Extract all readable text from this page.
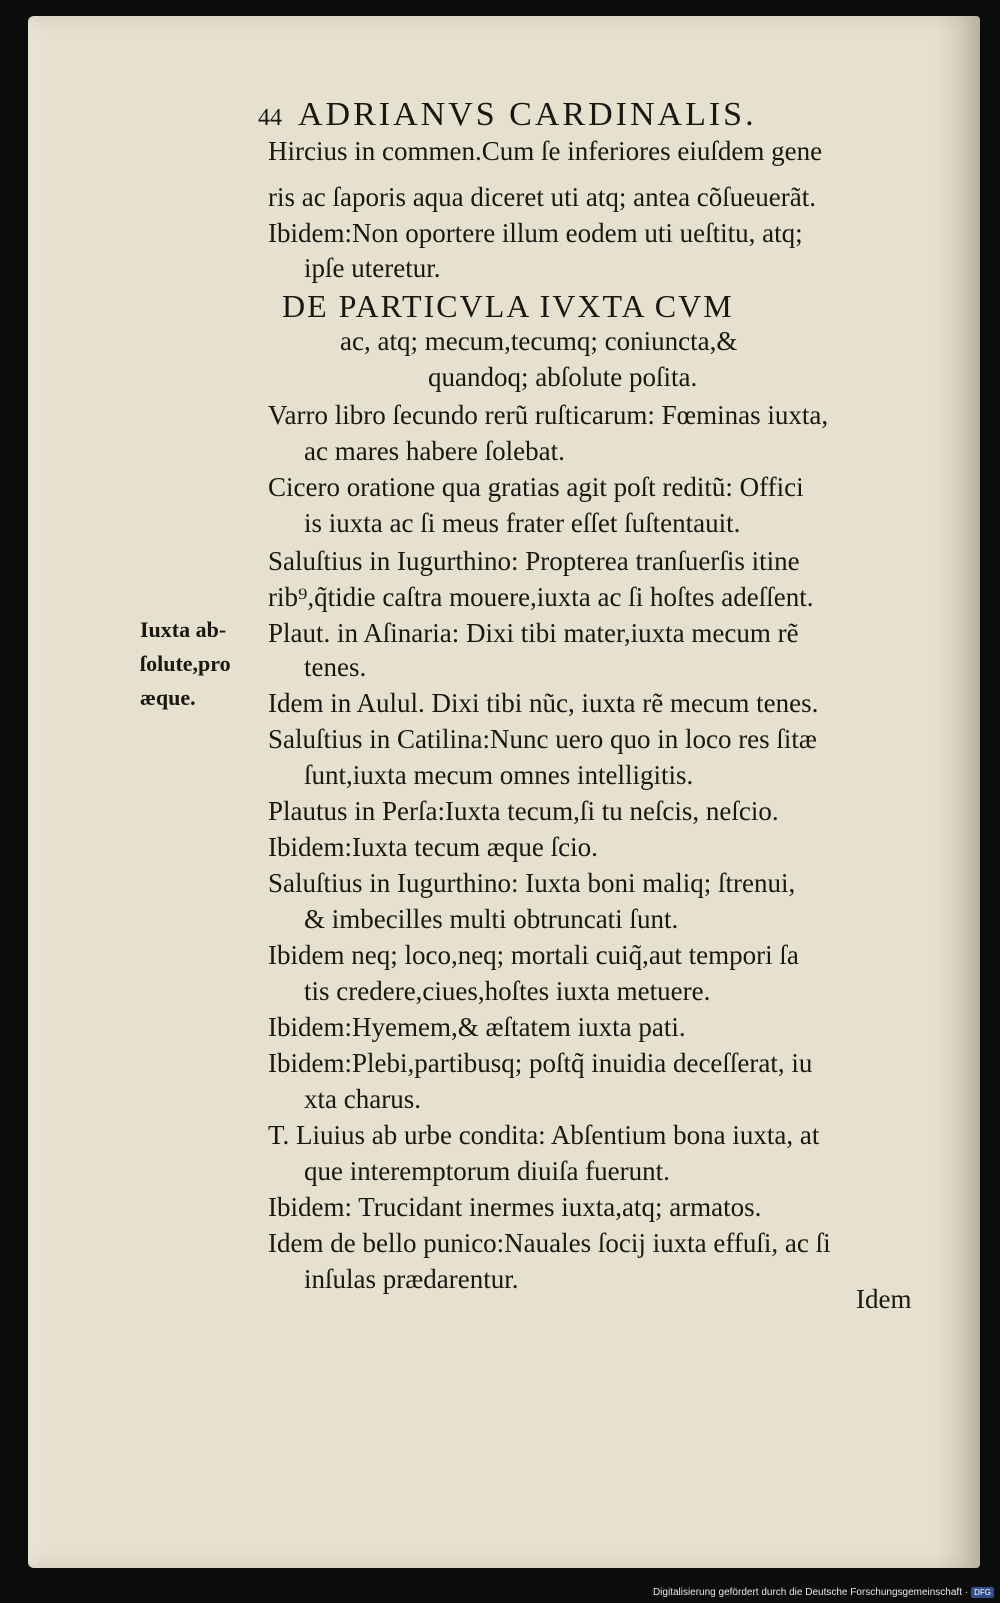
44 ADRIANVS CARDINALIS.
Hircius in commen.Cum ſe inferiores eiuſdem gene
ris ac ſaporis aqua diceret uti atq; antea cõſueuerãt.
Ibidem:Non oportere illum eodem uti ueſtitu, atq;
ipſe uteretur.
DE PARTICVLA IVXTA CVM
ac, atq; mecum,tecumq; coniuncta,&
quandoq; abſolute poſita.
Varro libro ſecundo rerũ ruſticarum: Fœminas iuxta,
ac mares habere ſolebat.
Cicero oratione qua gratias agit poſt reditũ: Offici
is iuxta ac ſi meus frater eſſet ſuſtentauit.
Saluſtius in Iugurthino: Propterea tranſuerſis itine
rib⁹,q̃tidie caſtra mouere,iuxta ac ſi hoſtes adeſſent.
Plaut. in Aſinaria: Dixi tibi mater,iuxta mecum rẽ
tenes.
Idem in Aulul. Dixi tibi nũc, iuxta rẽ mecum tenes.
Saluſtius in Catilina:Nunc uero quo in loco res ſitæ
ſunt,iuxta mecum omnes intelligitis.
Plautus in Perſa:Iuxta tecum,ſi tu neſcis, neſcio.
Ibidem:Iuxta tecum æque ſcio.
Saluſtius in Iugurthino: Iuxta boni maliq; ſtrenui,
& imbecilles multi obtruncati ſunt.
Ibidem neq; loco,neq; mortali cuiq̃,aut tempori ſa
tis credere,ciues,hoſtes iuxta metuere.
Ibidem:Hyemem,& æſtatem iuxta pati.
Ibidem:Plebi,partibusq; poſtq̃ inuidia deceſſerat, iu
xta charus.
T. Liuius ab urbe condita: Abſentium bona iuxta, at
que interemptorum diuiſa fuerunt.
Ibidem: Trucidant inermes iuxta,atq; armatos.
Idem de bello punico:Nauales ſocij iuxta effuſi, ac ſi
inſulas prædarentur.
Iuxta ab-
ſolute,pro
æque.
Idem
Digitalisierung gefördert durch die Deutsche Forschungsgemeinschaft · DFG
